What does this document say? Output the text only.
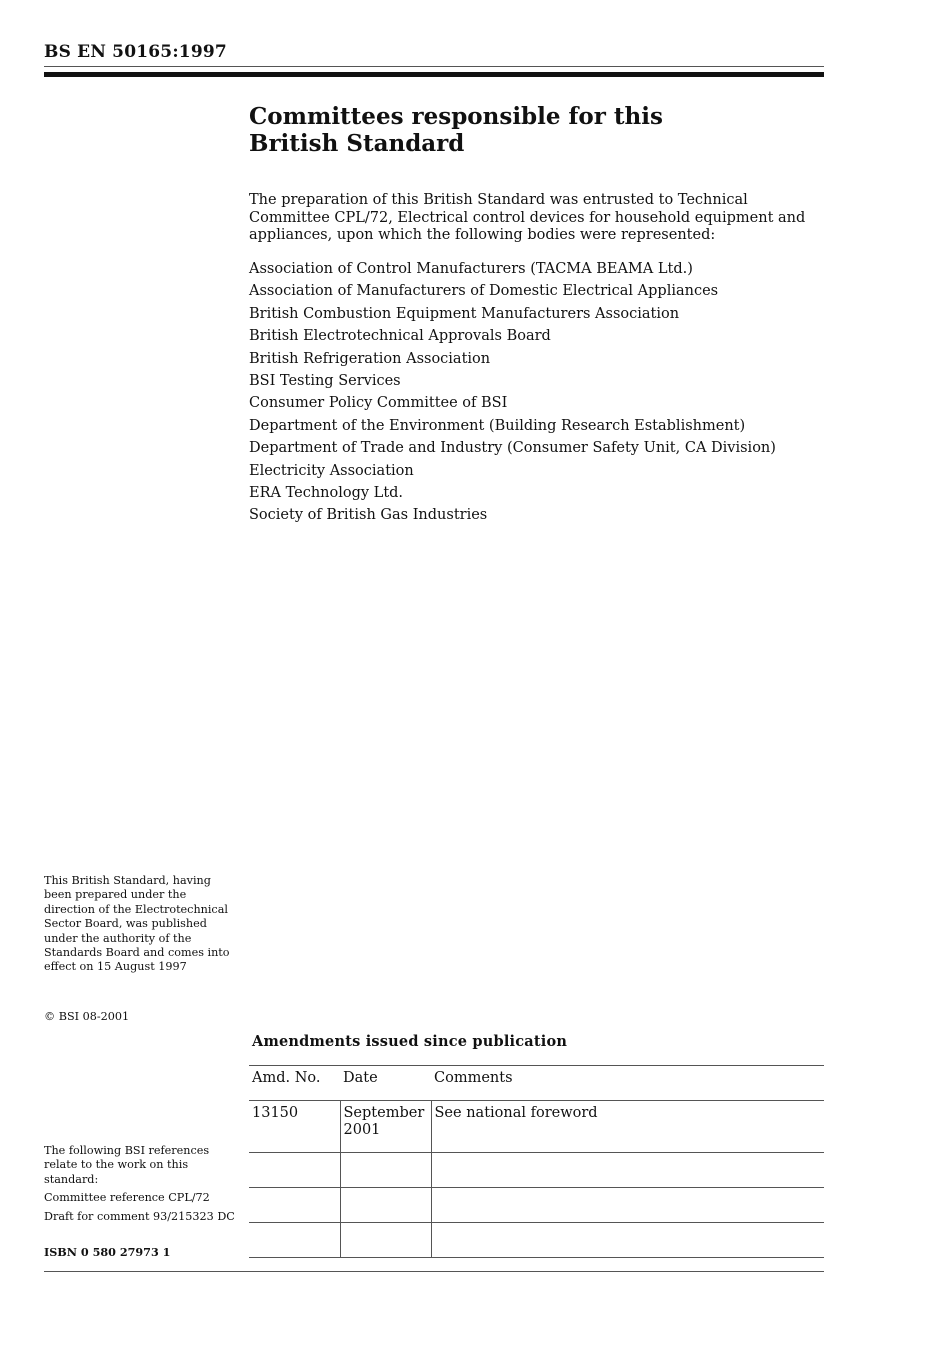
BS EN 50165:1997
Committees responsible for this
British Standard
The preparation of this British Standard was entrusted to Technical Committee CPL/72, Electrical control devices for household equipment and appliances, upon which the following bodies were represented:
Association of Control Manufacturers (TACMA BEAMA Ltd.)
Association of Manufacturers of Domestic Electrical Appliances
British Combustion Equipment Manufacturers Association
British Electrotechnical Approvals Board
British Refrigeration Association
BSI Testing Services
Consumer Policy Committee of BSI
Department of the Environment (Building Research Establishment)
Department of Trade and Industry (Consumer Safety Unit, CA Division)
Electricity Association
ERA Technology Ltd.
Society of British Gas Industries
This British Standard, having been prepared under the direction of the Electrotechnical Sector Board, was published under the authority of the Standards Board and comes into effect on 15 August 1997
© BSI 08-2001
Amendments issued since publication
Amd. No.	Date	Comments
13150	September 2001	See national foreword

The following BSI references relate to the work on this standard:
Committee reference CPL/72
Draft for comment 93/215323 DC
ISBN 0 580 27973 1
